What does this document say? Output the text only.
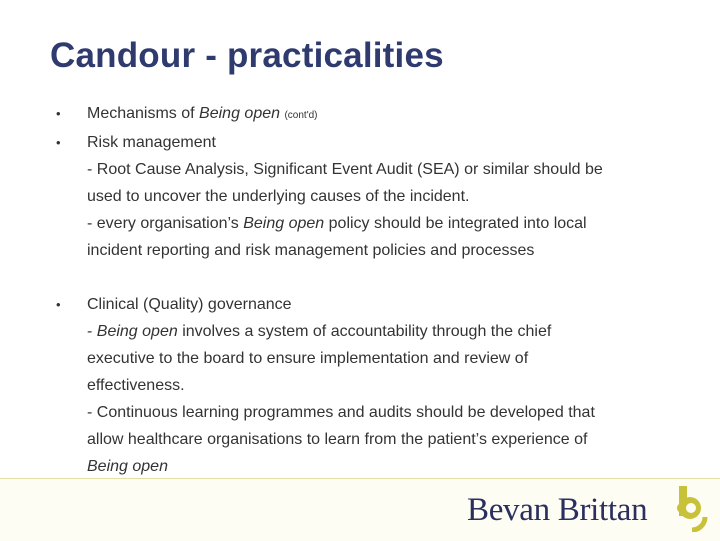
Candour - practicalities
•	Mechanisms of Being open (cont'd)
•	Risk management
- Root Cause Analysis, Significant Event Audit (SEA) or similar should be
used to uncover the underlying causes of the incident.
- every organisation’s Being open policy should be integrated into local
incident reporting and risk management policies and processes
•	Clinical (Quality) governance
- Being open involves a system of accountability through the chief
executive to the board to ensure implementation and review of
effectiveness.
- Continuous learning programmes and audits should be developed that
allow healthcare organisations to learn from the patient’s experience of
Being open
Bevan Brittan
